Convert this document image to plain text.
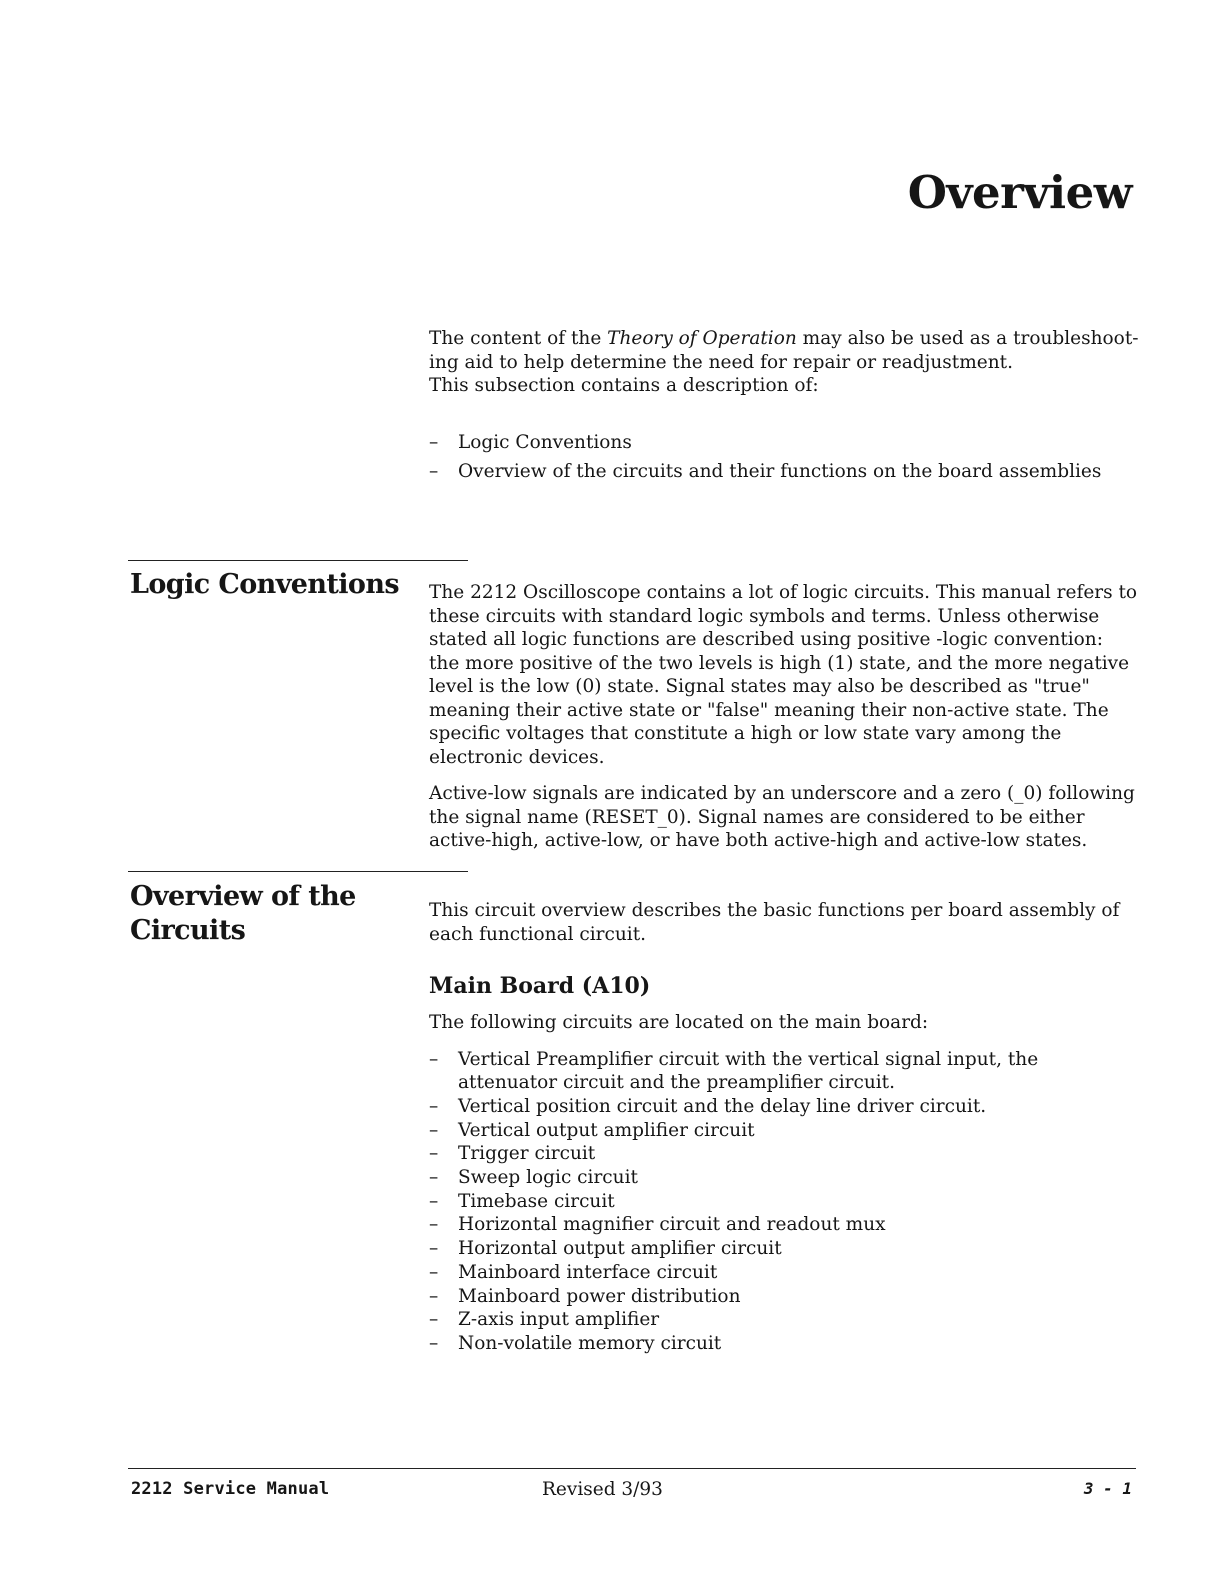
Overview

The content of the Theory of Operation may also be used as a troubleshoot-ing aid to help determine the need for repair or readjustment.
This subsection contains a description of:

– Logic Conventions
– Overview of the circuits and their functions on the board assemblies
Logic Conventions	The 2212 Oscilloscope contains a lot of logic circuits. This manual refers to these circuits with standard logic symbols and terms. Unless otherwise stated all logic functions are described using positive -logic convention: the more positive of the two levels is high (1) state, and the more negative level is the low (0) state. Signal states may also be described as "true" meaning their active state or "false" meaning their non-active state. The specific voltages that constitute a high or low state vary among the electronic devices.

Active-low signals are indicated by an underscore and a zero (_0) following the signal name (RESET_0). Signal names are considered to be either active-high, active-low, or have both active-high and active-low states.

Overview of the
Circuits

This circuit overview describes the basic functions per board assembly of each functional circuit.

Main Board (A10)

The following circuits are located on the main board:

– Vertical Preamplifier circuit with the vertical signal input, the attenuator circuit and the preamplifier circuit.
– Vertical position circuit and the delay line driver circuit.
– Vertical output amplifier circuit
– Trigger circuit
– Sweep logic circuit
– Timebase circuit
– Horizontal magnifier circuit and readout mux
– Horizontal output amplifier circuit
– Mainboard interface circuit
– Mainboard power distribution
– Z-axis input amplifier
– Non-volatile memory circuit
2212 Service Manual	Revised 3/93	3 - 1
